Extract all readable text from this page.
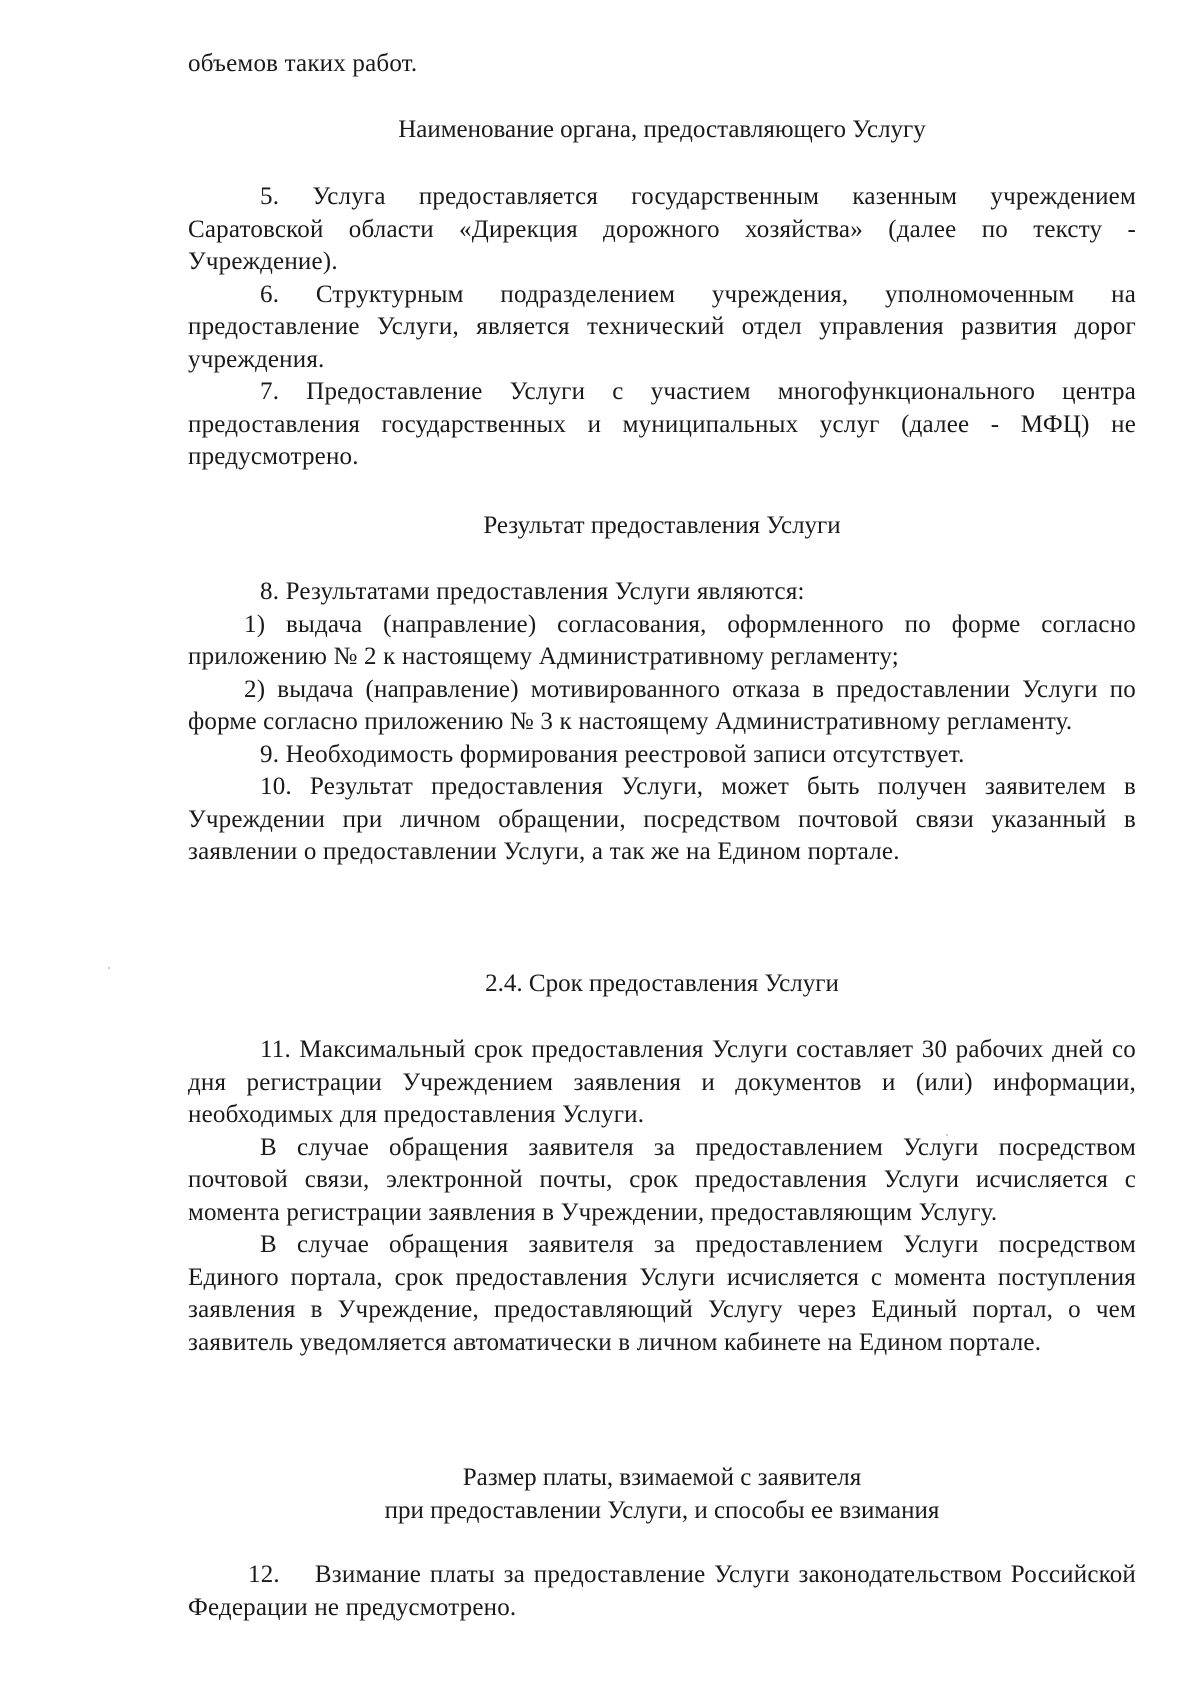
объемов таких работ.

Наименование органа, предоставляющего Услугу

5. Услуга предоставляется государственным казенным учреждением Саратовской области «Дирекция дорожного хозяйства» (далее по тексту - Учреждение).

6. Структурным подразделением учреждения, уполномоченным на предоставление Услуги, является технический отдел управления развития дорог учреждения.

7. Предоставление Услуги с участием многофункционального центра предоставления государственных и муниципальных услуг (далее - МФЦ) не предусмотрено.

Результат предоставления Услуги

8. Результатами предоставления Услуги являются:

1) выдача (направление) согласования, оформленного по форме согласно приложению № 2 к настоящему Административному регламенту;

2) выдача (направление) мотивированного отказа в предоставлении Услуги по форме согласно приложению № 3 к настоящему Административному регламенту.

9. Необходимость формирования реестровой записи отсутствует.

10. Результат предоставления Услуги, может быть получен заявителем в Учреждении при личном обращении, посредством почтовой связи указанный в заявлении о предоставлении Услуги, а так же на Едином портале.

2.4. Срок предоставления Услуги

11. Максимальный срок предоставления Услуги составляет 30 рабочих дней со дня регистрации Учреждением заявления и документов и (или) информации, необходимых для предоставления Услуги.

В случае обращения заявителя за предоставлением Услуги посредством почтовой связи, электронной почты, срок предоставления Услуги исчисляется с момента регистрации заявления в Учреждении, предоставляющим Услугу.

В случае обращения заявителя за предоставлением Услуги посредством Единого портала, срок предоставления Услуги исчисляется с момента поступления заявления в Учреждение, предоставляющий Услугу через Единый портал, о чем заявитель уведомляется автоматически в личном кабинете на Едином портале.

Размер платы, взимаемой с заявителя
при предоставлении Услуги, и способы ее взимания

12.    Взимание платы за предоставление Услуги законодательством Российской Федерации не предусмотрено.
